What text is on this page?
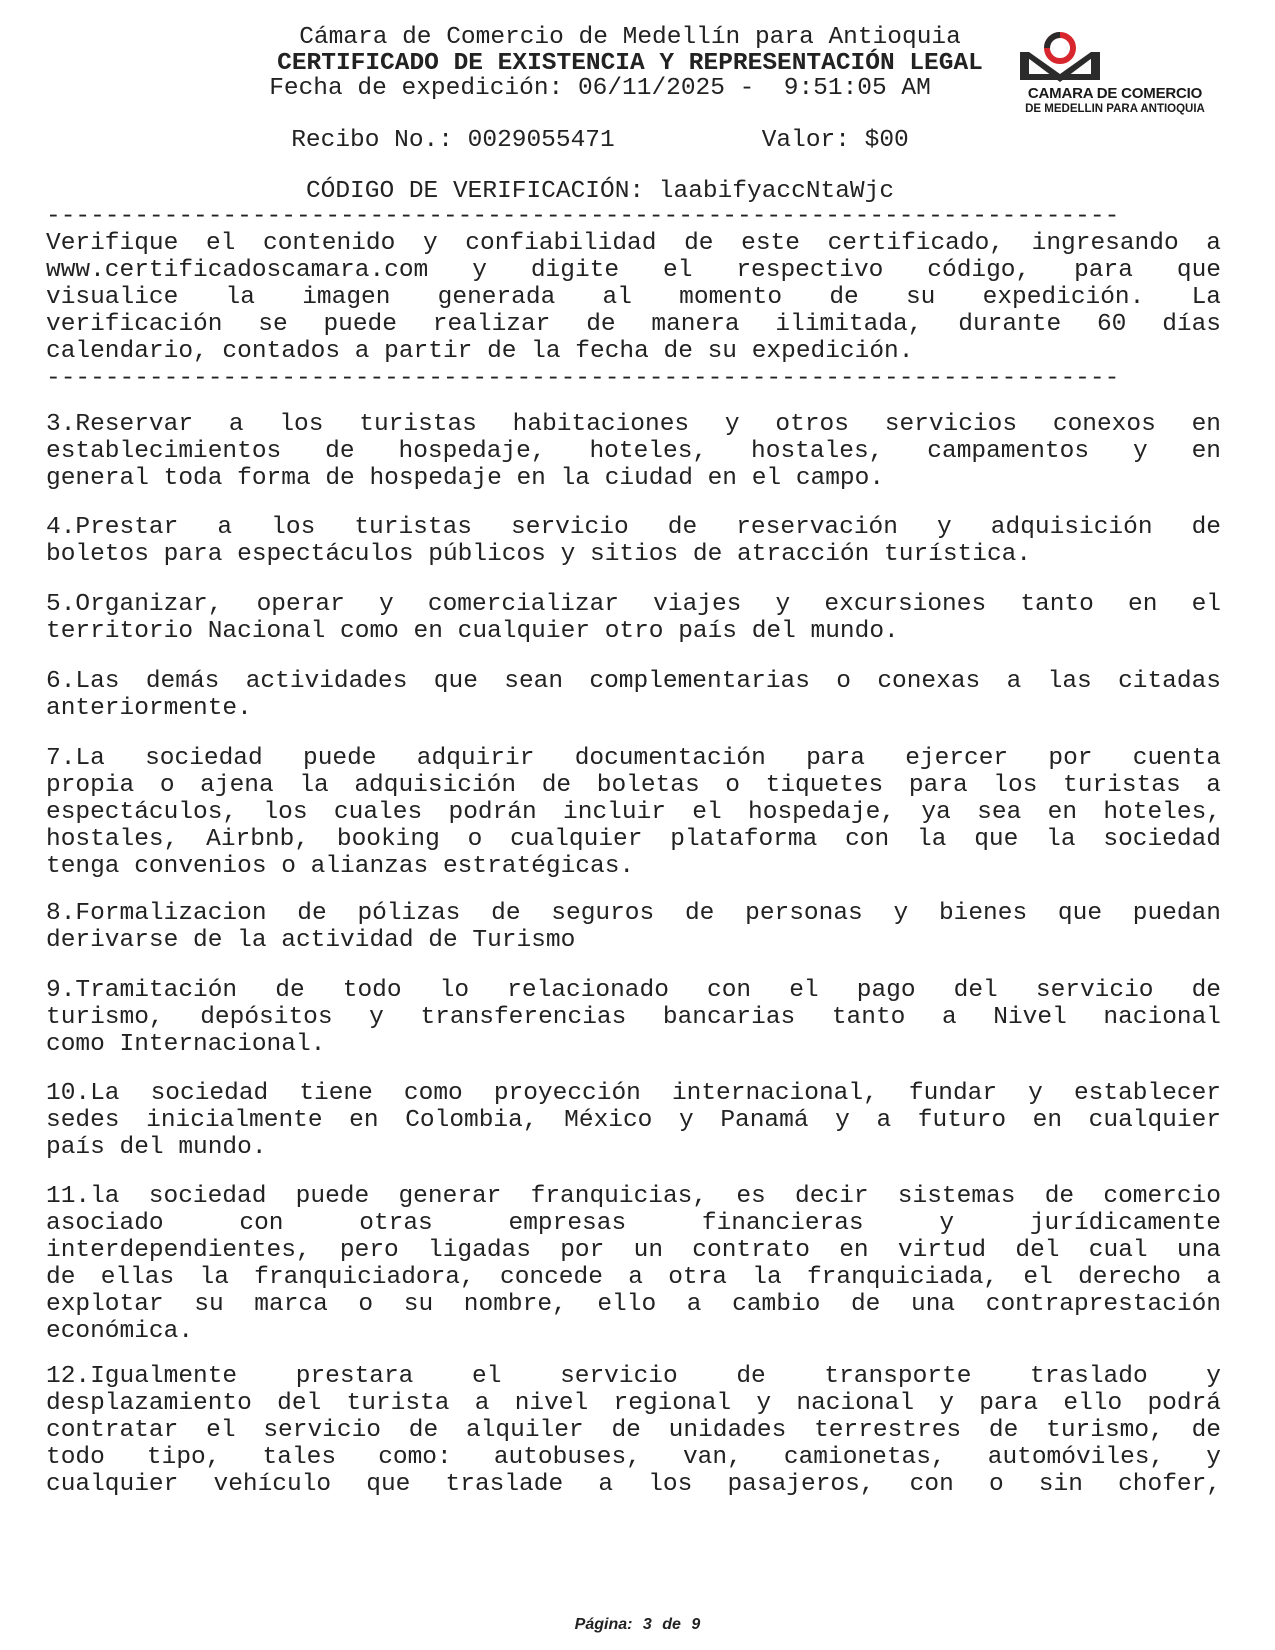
Cámara de Comercio de Medellín para Antioquia
CERTIFICADO DE EXISTENCIA Y REPRESENTACIÓN LEGAL
Fecha de expedición: 06/11/2025 -  9:51:05 AM
Recibo No.: 0029055471          Valor: $00
CÓDIGO DE VERIFICACIÓN: laabifyaccNtaWjc
CAMARA DE COMERCIO
DE MEDELLIN PARA ANTIOQUIA
-------------------------------------------------------------------------
Verifique el contenido y confiabilidad de este certificado, ingresando a
www.certificadoscamara.com y digite el respectivo código, para que
visualice la imagen generada al momento de su expedición. La
verificación se puede realizar de manera ilimitada, durante 60 días
calendario, contados a partir de la fecha de su expedición.
-------------------------------------------------------------------------
3.Reservar a los turistas habitaciones y otros servicios conexos en
establecimientos de hospedaje, hoteles, hostales, campamentos y en
general toda forma de hospedaje en la ciudad en el campo.
4.Prestar a los turistas servicio de reservación y adquisición de
boletos para espectáculos públicos y sitios de atracción turística.
5.Organizar, operar y comercializar viajes y excursiones tanto en el
territorio Nacional como en cualquier otro país del mundo.
6.Las demás actividades que sean complementarias o conexas a las citadas
anteriormente.
7.La sociedad puede adquirir documentación para ejercer por cuenta
propia o ajena la adquisición de boletas o tiquetes para los turistas a
espectáculos, los cuales podrán incluir el hospedaje, ya sea en hoteles,
hostales, Airbnb, booking o cualquier plataforma con la que la sociedad
tenga convenios o alianzas estratégicas.
8.Formalizacion de pólizas de seguros de personas y bienes que puedan
derivarse de la actividad de Turismo
9.Tramitación de todo lo relacionado con el pago del servicio de
turismo, depósitos y transferencias bancarias tanto a Nivel nacional
como Internacional.
10.La sociedad tiene como proyección internacional, fundar y establecer
sedes inicialmente en Colombia, México y Panamá y a futuro en cualquier
país del mundo.
11.la sociedad puede generar franquicias, es decir sistemas de comercio
asociado con otras empresas financieras y jurídicamente
interdependientes, pero ligadas por un contrato en virtud del cual una
de ellas la franquiciadora, concede a otra la franquiciada, el derecho a
explotar su marca o su nombre, ello a cambio de una contraprestación
económica.
12.Igualmente prestara el servicio de transporte traslado y
desplazamiento del turista a nivel regional y nacional y para ello podrá
contratar el servicio de alquiler de unidades terrestres de turismo, de
todo tipo, tales como: autobuses, van, camionetas, automóviles, y
cualquier vehículo que traslade a los pasajeros, con o sin chofer,
Página: 3 de 9
